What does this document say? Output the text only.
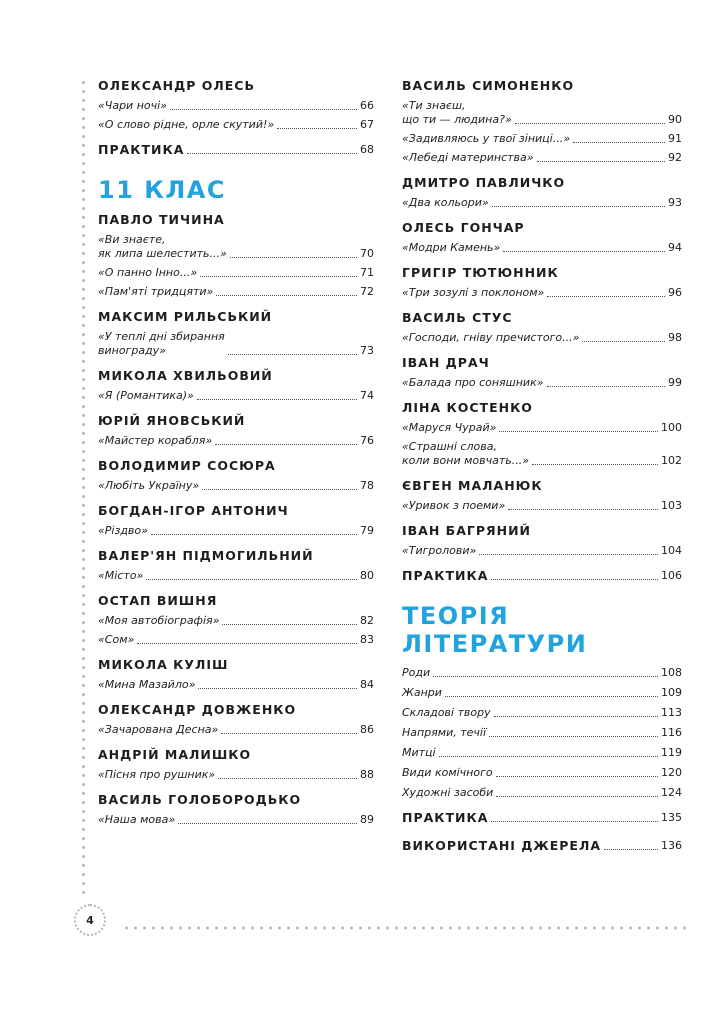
4
ОЛЕКСАНДР ОЛЕСЬ
«Чари ночі»	66
«О слово рідне, орле скутий!»	67
ПРАКТИКА	68
11 КЛАС
ПАВЛО ТИЧИНА
«Ви знаєте,
як липа шелестить...»	70
«О панно Інно...»	71
«Пам'яті тридцяти»	72
МАКСИМ РИЛЬСЬКИЙ
«У теплі дні збирання
винограду»	73
МИКОЛА ХВИЛЬОВИЙ
«Я (Романтика)»	74
ЮРІЙ ЯНОВСЬКИЙ
«Майстер корабля»	76
ВОЛОДИМИР СОСЮРА
«Любіть Україну»	78
БОГДАН-ІГОР АНТОНИЧ
«Різдво»	79
ВАЛЕР'ЯН ПІДМОГИЛЬНИЙ
«Місто»	80
ОСТАП ВИШНЯ
«Моя автобіографія»	82
«Сом»	83
МИКОЛА КУЛІШ
«Мина Мазайло»	84
ОЛЕКСАНДР ДОВЖЕНКО
«Зачарована Десна»	86
АНДРІЙ МАЛИШКО
«Пісня про рушник»	88
ВАСИЛЬ ГОЛОБОРОДЬКО
«Наша мова»	89
ВАСИЛЬ СИМОНЕНКО
«Ти знаєш,
що ти — людина?»	90
«Задивляюсь у твої зіниці...»	91
«Лебеді материнства»	92
ДМИТРО ПАВЛИЧКО
«Два кольори»	93
ОЛЕСЬ ГОНЧАР
«Модри Камень»	94
ГРИГІР ТЮТЮННИК
«Три зозулі з поклоном»	96
ВАСИЛЬ СТУС
«Господи, гніву пречистого...»	98
ІВАН ДРАЧ
«Балада про соняшник»	99
ЛІНА КОСТЕНКО
«Маруся Чурай»	100
«Страшні слова,
коли вони мовчать...»	102
ЄВГЕН МАЛАНЮК
«Уривок з поеми»	103
ІВАН БАГРЯНИЙ
«Тигролови»	104
ПРАКТИКА	106
ТЕОРІЯ
ЛІТЕРАТУРИ
Роди	108
Жанри	109
Складові твору	113
Напрями, течії	116
Митці	119
Види комічного	120
Художні засоби	124
ПРАКТИКА	135
ВИКОРИСТАНІ ДЖЕРЕЛА	136
